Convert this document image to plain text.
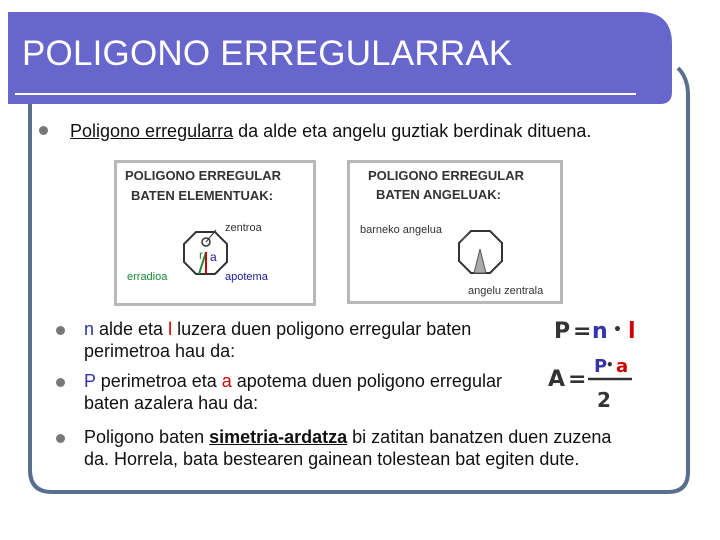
POLIGONO ERREGULARRAK
Poligono erregularra da alde eta angelu guztiak berdinak dituena.
POLIGONO ERREGULAR
BATEN ELEMENTUAK:
zentroa
r a
erradioa	apotema
POLIGONO ERREGULAR
BATEN ANGELUAK:
barneko angelua
angelu zentrala
n alde eta l luzera duen poligono erregular baten
perimetroa hau da:
P perimetroa eta a apotema duen poligono erregular
baten azalera hau da:
P = n • l
P
• a
A =
2
Poligono baten simetria-ardatza bi zatitan banatzen duen zuzena
da. Horrela, bata bestearen gainean tolestean bat egiten dute.
